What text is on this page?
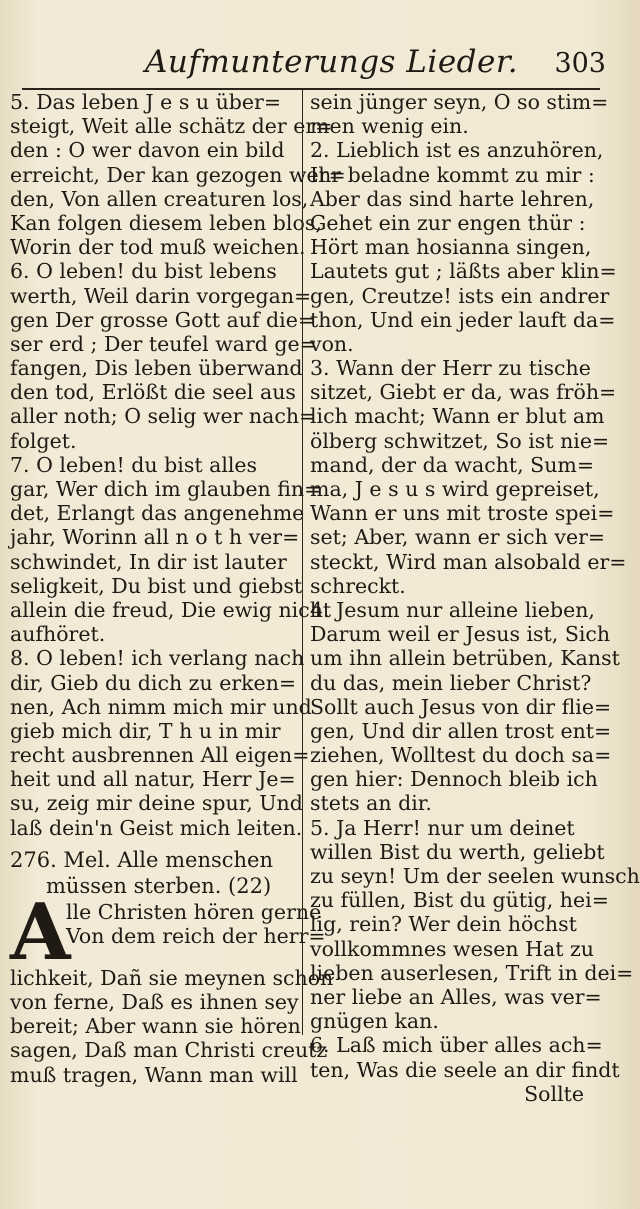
Aufmunterungs Lieder. 303
5. Das leben J e s u über=
steigt, Weit alle schätz der er=
den : O wer davon ein bild
erreicht, Der kan gezogen wer=
den, Von allen creaturen los,
Kan folgen diesem leben blos,
Worin der tod muß weichen.
6. O leben! du bist lebens
werth, Weil darin vorgegan=
gen Der grosse Gott auf die=
ser erd ; Der teufel ward ge=
fangen, Dis leben überwand
den tod, Erlößt die seel aus
aller noth; O selig wer nach=
folget.
7. O leben! du bist alles
gar, Wer dich im glauben fin=
det, Erlangt das angenehme
jahr, Worinn all n o t h ver=
schwindet, In dir ist lauter
seligkeit, Du bist und giebst
allein die freud, Die ewig nicht
aufhöret.
8. O leben! ich verlang nach
dir, Gieb du dich zu erken=
nen, Ach nimm mich mir und
gieb mich dir, T h u in mir
recht ausbrennen All eigen=
heit und all natur, Herr Je=
su, zeig mir deine spur, Und
laß dein'n Geist mich leiten.
276. Mel. Alle menschen
müssen sterben. (22)
A
lle Christen hören gerne
Von dem reich der herr=
lichkeit, Dañ sie meynen schon
von ferne, Daß es ihnen sey
bereit; Aber wann sie hören
sagen, Daß man Christi creutz
muß tragen, Wann man will
sein jünger seyn, O so stim=
men wenig ein.
2. Lieblich ist es anzuhören,
Ihr beladne kommt zu mir :
Aber das sind harte lehren,
Gehet ein zur engen thür :
Hört man hosianna singen,
Lautets gut ; läßts aber klin=
gen, Creutze! ists ein andrer
thon, Und ein jeder lauft da=
von.
3. Wann der Herr zu tische
sitzet, Giebt er da, was fröh=
lich macht; Wann er blut am
ölberg schwitzet, So ist nie=
mand, der da wacht, Sum=
ma, J e s u s wird gepreiset,
Wann er uns mit troste spei=
set; Aber, wann er sich ver=
steckt, Wird man alsobald er=
schreckt.
4. Jesum nur alleine lieben,
Darum weil er Jesus ist, Sich
um ihn allein betrüben, Kanst
du das, mein lieber Christ?
Sollt auch Jesus von dir flie=
gen, Und dir allen trost ent=
ziehen, Wolltest du doch sa=
gen hier: Dennoch bleib ich
stets an dir.
5. Ja Herr! nur um deinet
willen Bist du werth, geliebt
zu seyn! Um der seelen wunsch
zu füllen, Bist du gütig, hei=
lig, rein? Wer dein höchst
vollkommnes wesen Hat zu
lieben auserlesen, Trift in dei=
ner liebe an Alles, was ver=
gnügen kan.
6. Laß mich über alles ach=
ten, Was die seele an dir findt
Sollte
